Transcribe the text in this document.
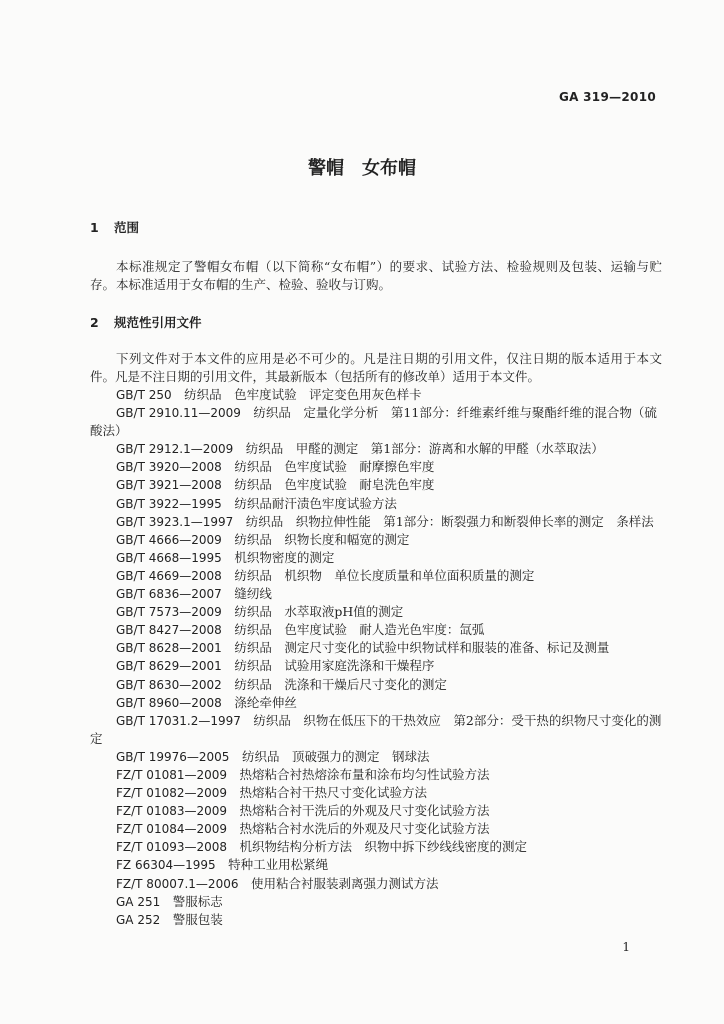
GA 319—2010
警帽　女布帽
1 范围
本标准规定了警帽女布帽（以下简称“女布帽”）的要求、试验方法、检验规则及包装、运输与贮存。 本标准适用于女布帽的生产、检验、验收与订购。
2 规范性引用文件
下列文件对于本文件的应用是必不可少的。凡是注日期的引用文件，仅注日期的版本适用于本文件。凡是不注日期的引用文件，其最新版本（包括所有的修改单）适用于本文件。
GB/T 250　 纺织品　色牢度试验　评定变色用灰色样卡
GB/T 2910.11—2009　 纺织品　定量化学分析　第11部分：纤维素纤维与聚酯纤维的混合物（硫酸法）
GB/T 2912.1—2009　 纺织品　甲醛的测定　第1部分：游离和水解的甲醛（水萃取法）
GB/T 3920—2008　 纺织品　色牢度试验　耐摩擦色牢度
GB/T 3921—2008　 纺织品　色牢度试验　耐皂洗色牢度
GB/T 3922—1995　 纺织品耐汗渍色牢度试验方法
GB/T 3923.1—1997　 纺织品　织物拉伸性能　第1部分：断裂强力和断裂伸长率的测定　条样法
GB/T 4666—2009　 纺织品　织物长度和幅宽的测定
GB/T 4668—1995　 机织物密度的测定
GB/T 4669—2008　 纺织品　机织物　单位长度质量和单位面积质量的测定
GB/T 6836—2007　 缝纫线
GB/T 7573—2009　 纺织品　水萃取液pH值的测定
GB/T 8427—2008　 纺织品　色牢度试验　耐人造光色牢度：氙弧
GB/T 8628—2001　 纺织品　测定尺寸变化的试验中织物试样和服装的准备、标记及测量
GB/T 8629—2001　 纺织品　试验用家庭洗涤和干燥程序
GB/T 8630—2002　 纺织品　洗涤和干燥后尺寸变化的测定
GB/T 8960—2008　 涤纶牵伸丝
GB/T 17031.2—1997　 纺织品　织物在低压下的干热效应　第2部分：受干热的织物尺寸变化的测定
GB/T 19976—2005　 纺织品　顶破强力的测定　钢球法
FZ/T 01081—2009　 热熔粘合衬热熔涂布量和涂布均匀性试验方法
FZ/T 01082—2009　 热熔粘合衬干热尺寸变化试验方法
FZ/T 01083—2009　 热熔粘合衬干洗后的外观及尺寸变化试验方法
FZ/T 01084—2009　 热熔粘合衬水洗后的外观及尺寸变化试验方法
FZ/T 01093—2008　 机织物结构分析方法　织物中拆下纱线线密度的测定
FZ 66304—1995　 特种工业用松紧绳
FZ/T 80007.1—2006　 使用粘合衬服装剥离强力测试方法
GA 251　 警服标志
GA 252　 警服包装
1
